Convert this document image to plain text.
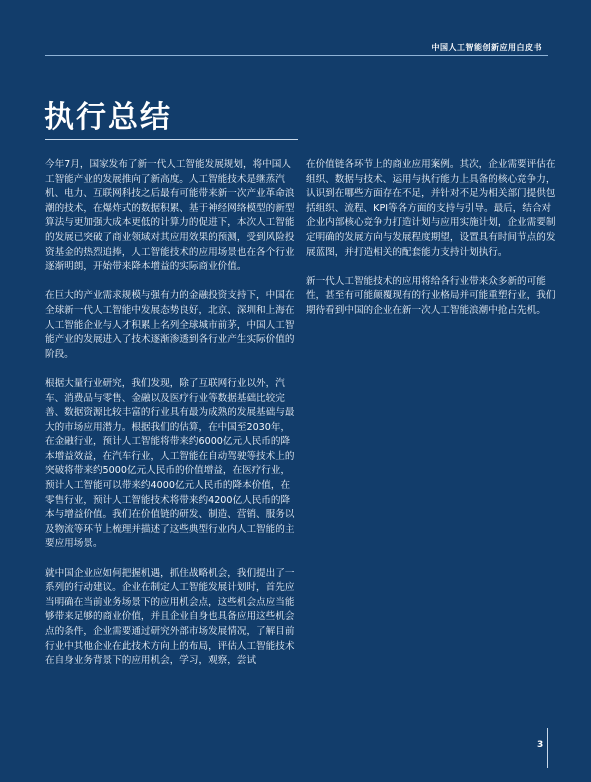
中国人工智能创新应用白皮书
执行总结

今年7月，国家发布了新一代人工智能发展规划，将中国人工智能产业的发展推向了新高度。人工智能技术是继蒸汽机、电力、互联网科技之后最有可能带来新一次产业革命浪潮的技术，在爆炸式的数据积累、基于神经网络模型的新型算法与更加强大成本更低的计算力的促进下，本次人工智能的发展已突破了商业领域对其应用效果的预测，受到风险投资基金的热烈追捧，人工智能技术的应用场景也在各个行业逐渐明朗，开始带来降本增益的实际商业价值。

在巨大的产业需求规模与强有力的金融投资支持下，中国在全球新一代人工智能中发展态势良好，北京、深圳和上海在人工智能企业与人才积累上名列全球城市前茅，中国人工智能产业的发展进入了技术逐渐渗透到各行业产生实际价值的阶段。

根据大量行业研究，我们发现，除了互联网行业以外，汽车、消费品与零售、金融以及医疗行业等数据基础比较完善、数据资源比较丰富的行业具有最为成熟的发展基础与最大的市场应用潜力。根据我们的估算，在中国至2030年，在金融行业，预计人工智能将带来约6000亿元人民币的降本增益效益，在汽车行业，人工智能在自动驾驶等技术上的突破将带来约5000亿元人民币的价值增益，在医疗行业，预计人工智能可以带来约4000亿元人民币的降本价值，在零售行业，预计人工智能技术将带来约4200亿人民币的降本与增益价值。我们在价值链的研发、制造、营销、服务以及物流等环节上梳理并描述了这些典型行业内人工智能的主要应用场景。

就中国企业应如何把握机遇，抓住战略机会，我们提出了一系列的行动建议。企业在制定人工智能发展计划时，首先应当明确在当前业务场景下的应用机会点，这些机会点应当能够带来足够的商业价值，并且企业自身也具备应用这些机会点的条件，企业需要通过研究外部市场发展情况，了解目前行业中其他企业在此技术方向上的布局，评估人工智能技术在自身业务背景下的应用机会，学习，观察，尝试

在价值链各环节上的商业应用案例。其次，企业需要评估在组织、数据与技术、运用与执行能力上具备的核心竞争力，认识到在哪些方面存在不足，并针对不足为相关部门提供包括组织、流程、KPI等各方面的支持与引导。最后，结合对企业内部核心竞争力打造计划与应用实施计划，企业需要制定明确的发展方向与发展程度期望，设置具有时间节点的发展蓝图，并打造相关的配套能力支持计划执行。

新一代人工智能技术的应用将给各行业带来众多新的可能性，甚至有可能颠覆现有的行业格局并可能重塑行业，我们期待看到中国的企业在新一次人工智能浪潮中抢占先机。

3
